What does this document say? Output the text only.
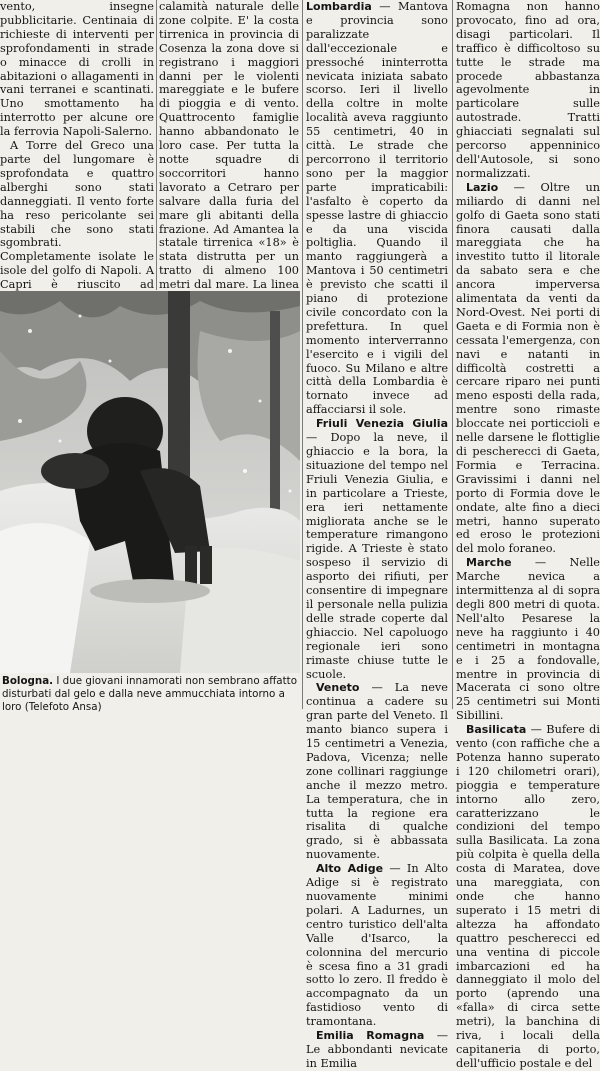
vento, insegne pubblicitarie. Centinaia di richieste di interventi per sprofondamenti in strade o minacce di crolli in abitazioni o allagamenti in vani terranei e scantinati. Uno smottamento ha interrotto per alcune ore la ferrovia Napoli-Salerno.

A Torre del Greco una parte del lungomare è sprofondata e quattro alberghi sono stati danneggiati. Il vento forte ha reso pericolante sei stabili che sono stati sgombrati. Completamente isolate le isole del golfo di Napoli. A Capri è riuscito ad

calamità naturale delle zone colpite. E' la costa tirrenica in provincia di Cosenza la zona dove si registrano i maggiori danni per le violenti mareggiate e le bufere di pioggia e di vento. Quattrocento famiglie hanno abbandonato le loro case. Per tutta la notte squadre di soccorritori hanno lavorato a Cetraro per salvare dalla furia del mare gli abitanti della frazione. Ad Amantea la statale tirrenica «18» è stata distrutta per un tratto di almeno 100 metri dal mare. La linea

Bologna. I due giovani innamorati non sembrano affatto disturbati dal gelo e dalla neve ammucchiata intorno a loro (Telefoto Ansa)

Lombardia — Mantova e provincia sono paralizzate dall'eccezionale e pressoché ininterrotta nevicata iniziata sabato scorso. Ieri il livello della coltre in molte località aveva raggiunto 55 centimetri, 40 in città. Le strade che percorrono il territorio sono per la maggior parte impraticabili: l'asfalto è coperto da spesse lastre di ghiaccio e da una viscida poltiglia. Quando il manto raggiungerà a Mantova i 50 centimetri è previsto che scatti il piano di protezione civile concordato con la prefettura. In quel momento interverranno l'esercito e i vigili del fuoco. Su Milano e altre città della Lombardia è tornato invece ad affacciarsi il sole.

Friuli Venezia Giulia — Dopo la neve, il ghiaccio e la bora, la situazione del tempo nel Friuli Venezia Giulia, e in particolare a Trieste, era ieri nettamente migliorata anche se le temperature rimangono rigide. A Trieste è stato sospeso il servizio di asporto dei rifiuti, per consentire di impegnare il personale nella pulizia delle strade coperte dal ghiaccio. Nel capoluogo regionale ieri sono rimaste chiuse tutte le scuole.

Veneto — La neve continua a cadere su gran parte del Veneto. Il manto bianco supera i 15 centimetri a Venezia, Padova, Vicenza; nelle zone collinari raggiunge anche il mezzo metro. La temperatura, che in tutta la regione era risalita di qualche grado, si è abbassata nuovamente.

Alto Adige — In Alto Adige si è registrato nuovamente minimi polari. A Ladurnes, un centro turistico dell'alta Valle d'Isarco, la colonnina del mercurio è scesa fino a 31 gradi sotto lo zero. Il freddo è accompagnato da un fastidioso vento di tramontana.

Emilia Romagna — Le abbondanti nevicate in Emilia

Romagna non hanno provocato, fino ad ora, disagi particolari. Il traffico è difficoltoso su tutte le strade ma procede abbastanza agevolmente in particolare sulle autostrade. Tratti ghiacciati segnalati sul percorso appenninico dell'Autosole, si sono normalizzati.

Lazio — Oltre un miliardo di danni nel golfo di Gaeta sono stati finora causati dalla mareggiata che ha investito tutto il litorale da sabato sera e che ancora imperversa alimentata da venti da Nord-Ovest. Nei porti di Gaeta e di Formia non è cessata l'emergenza, con navi e natanti in difficoltà costretti a cercare riparo nei punti meno esposti della rada, mentre sono rimaste bloccate nei porticcioli e nelle darsene le flottiglie di pescherecci di Gaeta, Formia e Terracina. Gravissimi i danni nel porto di Formia dove le ondate, alte fino a dieci metri, hanno superato ed eroso le protezioni del molo foraneo.

Marche — Nelle Marche nevica a intermittenza al di sopra degli 800 metri di quota. Nell'alto Pesarese la neve ha raggiunto i 40 centimetri in montagna e i 25 a fondovalle, mentre in provincia di Macerata ci sono oltre 25 centimetri sui Monti Sibillini.

Basilicata — Bufere di vento (con raffiche che a Potenza hanno superato i 120 chilometri orari), pioggia e temperature intorno allo zero, caratterizzano le condizioni del tempo sulla Basilicata. La zona più colpita è quella della costa di Maratea, dove una mareggiata, con onde che hanno superato i 15 metri di altezza ha affondato quattro pescherecci ed una ventina di piccole imbarcazioni ed ha danneggiato il molo del porto (aprendo una «falla» di circa sette metri), la banchina di riva, i locali della capitaneria di porto, dell'ufficio postale e del
